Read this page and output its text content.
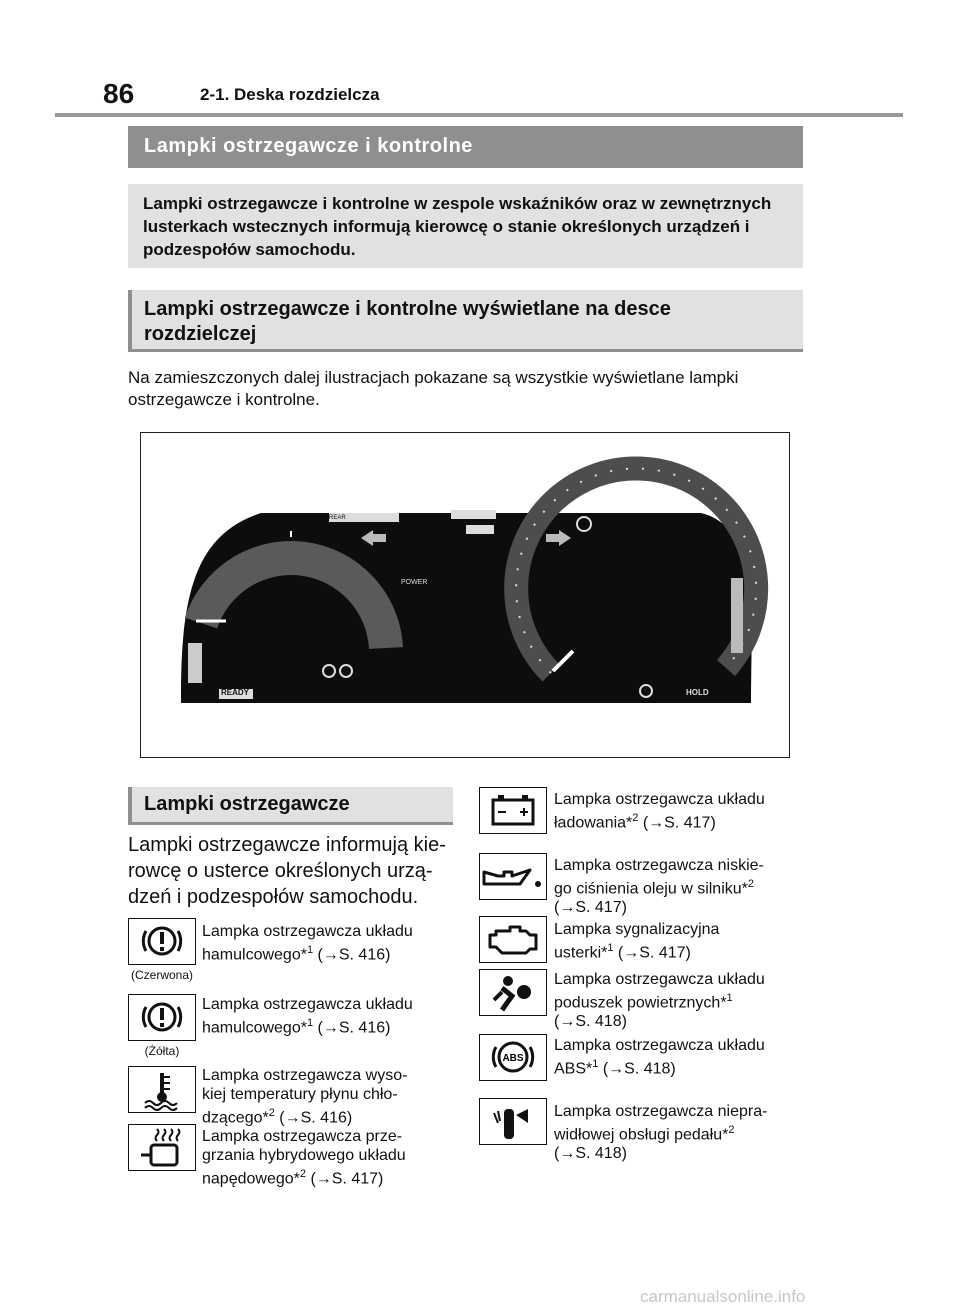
86	2-1. Deska rozdzielcza
Lampki ostrzegawcze i kontrolne
Lampki ostrzegawcze i kontrolne w zespole wskaźników oraz w zewnętrznych lusterkach wstecznych informują kierowcę o stanie określonych urządzeń i podzespołów samochodu.
Lampki ostrzegawcze i kontrolne wyświetlane na desce rozdzielczej
Na zamieszczonych dalej ilustracjach pokazane są wszystkie wyświetlane lampki ostrzegawcze i kontrolne.
POWER
READY	HOLD
REAR
Lampki ostrzegawcze
Lampki ostrzegawcze informują kie-rowcę o usterce określonych urzą-dzeń i podzespołów samochodu.
(Czerwona)
Lampka ostrzegawcza układu
hamulcowego*$^1$ (→S. 416)
(Żółta)
Lampka ostrzegawcza układu
hamulcowego*$^1$ (→S. 416)
Lampka ostrzegawcza wyso-
kiej temperatury płynu chło-
dzącego*$^2$ (→S. 416)
Lampka ostrzegawcza prze-
grzania hybrydowego układu
napędowego*$^2$ (→S. 417)
Lampka ostrzegawcza układu
ładowania*$^2$ (→S. 417)
Lampka ostrzegawcza niskie-
go ciśnienia oleju w silniku*$^2$
(→S. 417)
Lampka sygnalizacyjna
usterki*$^1$ (→S. 417)
Lampka ostrzegawcza układu
poduszek powietrznych*$^1$
(→S. 418)
ABS
Lampka ostrzegawcza układu
ABS*$^1$ (→S. 418)
Lampka ostrzegawcza niepra-
widłowej obsługi pedału*$^2$
(→S. 418)
carmanualsonline.info
